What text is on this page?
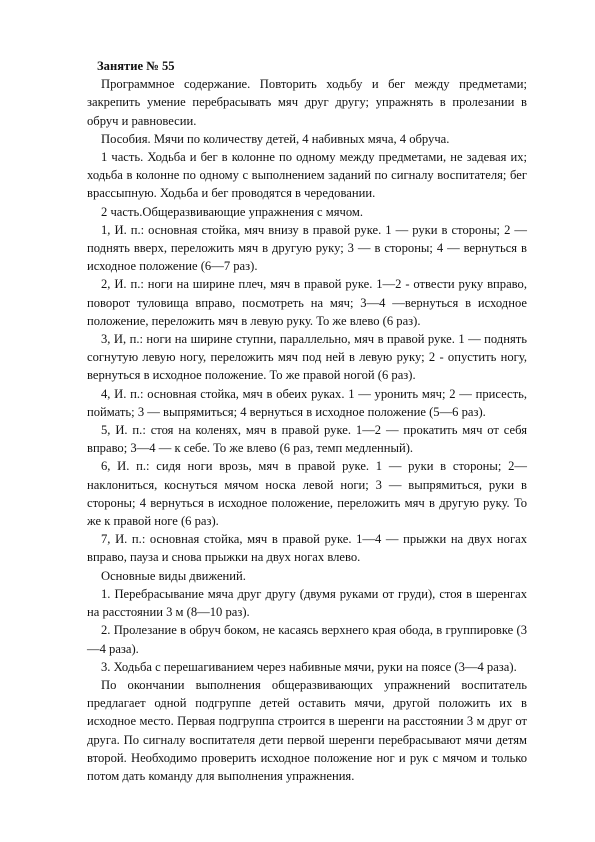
Занятие № 55

Программное содержание. Повторить ходьбу и бег между предметами; закрепить умение перебрасывать мяч друг другу; упражнять в пролезании в обруч и равновесии.

Пособия. Мячи по количеству детей, 4 набивных мяча, 4 обруча.

1 часть. Ходьба и бег в колонне по одному между предметами, не задевая их; ходьба в колонне по одному с выполнением заданий по сигналу воспитателя; бег врассыпную. Ходьба и бег проводятся в чередовании.

2 часть.Общеразвивающие упражнения с мячом.

1, И. п.: основная стойка, мяч внизу в правой руке. 1 — руки в стороны; 2 — поднять вверх, переложить мяч в другую руку; 3 — в стороны; 4 — вернуться в исходное положение (6—7 раз).

2, И. п.: ноги на ширине плеч, мяч в правой руке. 1—2 - отвести руку вправо, поворот туловища вправо, посмотреть на мяч; 3—4 —вернуться в исходное положение, переложить мяч в левую руку. То же влево (6 раз).

3, И, п.: ноги на ширине ступни, параллельно, мяч в правой руке. 1 — поднять согнутую левую ногу, переложить мяч под ней в левую руку; 2 - опустить ногу, вернуться в исходное положение. То же правой ногой (6 раз).

4, И. п.: основная стойка, мяч в обеих руках. 1 — уронить мяч; 2 — присесть, поймать; 3 — выпрямиться; 4 вернуться в исходное положение (5—6 раз).

5, И. п.: стоя на коленях, мяч в правой руке. 1—2 — прокатить мяч от себя вправо; 3—4 — к себе. То же влево (6 раз, темп медленный).

6, И. п.: сидя ноги врозь, мяч в правой руке. 1 — руки в стороны; 2— наклониться, коснуться мячом носка левой ноги; 3 — выпрямиться, руки в стороны; 4 вернуться в исходное положение, переложить мяч в другую руку. То же к правой ноге (6 раз).

7, И. п.: основная стойка, мяч в правой руке. 1—4 — прыжки на двух ногах вправо, пауза и снова прыжки на двух ногах влево.

Основные виды движений.

1. Перебрасывание мяча друг другу (двумя руками от груди), стоя в шеренгах на расстоянии 3 м (8—10 раз).

2. Пролезание в обруч боком, не касаясь верхнего края обода, в группировке (3—4 раза).

3. Ходьба с перешагиванием через набивные мячи, руки на поясе (3—4 раза).

По окончании выполнения общеразвивающих упражнений воспитатель предлагает одной подгруппе детей оставить мячи, другой положить их в исходное место. Первая подгруппа строится в шеренги на расстоянии 3 м друг от друга. По сигналу воспитателя дети первой шеренги перебрасывают мячи детям второй. Необходимо проверить исходное положение ног и рук с мячом и только потом дать команду для выполнения упражнения.
